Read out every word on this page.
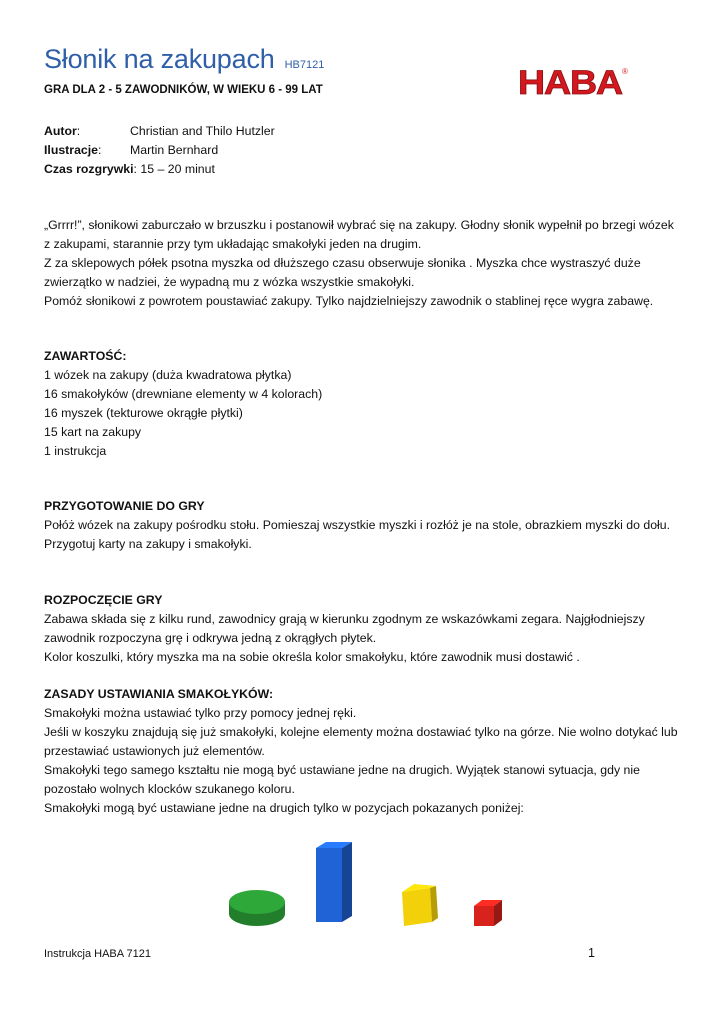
Słonik na zakupach HB7121
GRA DLA 2 - 5 ZAWODNIKÓW, W WIEKU 6 - 99 LAT	HABA ®
Autor:	Christian and Thilo Hutzler
Ilustracje: Martin Bernhard
Czas rozgrywki: 15 – 20 minut

„Grrrr!”, słonikowi zaburczało w brzuszku i postanowił wybrać się na zakupy. Głodny słonik wypełnił po brzegi wózek

z zakupami, starannie przy tym układając smakołyki jeden na drugim.

Z za sklepowych półek psotna myszka od dłuższego czasu obserwuje słonika . Myszka chce wystraszyć duże

zwierzątko w nadziei, że wypadną mu z wózka wszystkie smakołyki.

Pomóż słonikowi z powrotem poustawiać zakupy. Tylko najdzielniejszy zawodnik o stablinej ręce wygra zabawę.

ZAWARTOŚĆ:

1 wózek na zakupy (duża kwadratowa płytka)

16 smakołyków (drewniane elementy w 4 kolorach)

16 myszek (tekturowe okrągłe płytki)

15 kart na zakupy

1 instrukcja

PRZYGOTOWANIE DO GRY

Połóż wózek na zakupy pośrodku stołu. Pomieszaj wszystkie myszki i rozłóż je na stole, obrazkiem myszki do dołu.

Przygotuj karty na zakupy i smakołyki.

ROZPOCZĘCIE GRY

Zabawa składa się z kilku rund, zawodnicy grają w kierunku zgodnym ze wskazówkami zegara. Najgłodniejszy

zawodnik rozpoczyna grę i odkrywa jedną z okrągłych płytek.

Kolor koszulki, który myszka ma na sobie określa kolor smakołyku, które zawodnik musi dostawić .

ZASADY USTAWIANIA SMAKOŁYKÓW:

Smakołyki można ustawiać tylko przy pomocy jednej ręki.

Jeśli w koszyku znajdują się już smakołyki, kolejne elementy można dostawiać tylko na górze. Nie wolno dotykać lub

przestawiać ustawionych już elementów.

Smakołyki tego samego kształtu nie mogą być ustawiane jedne na drugich. Wyjątek stanowi sytuacja, gdy nie

pozostało wolnych klocków szukanego koloru.

Smakołyki mogą być ustawiane jedne na drugich tylko w pozycjach pokazanych poniżej:

Instrukcja HABA 7121	1
